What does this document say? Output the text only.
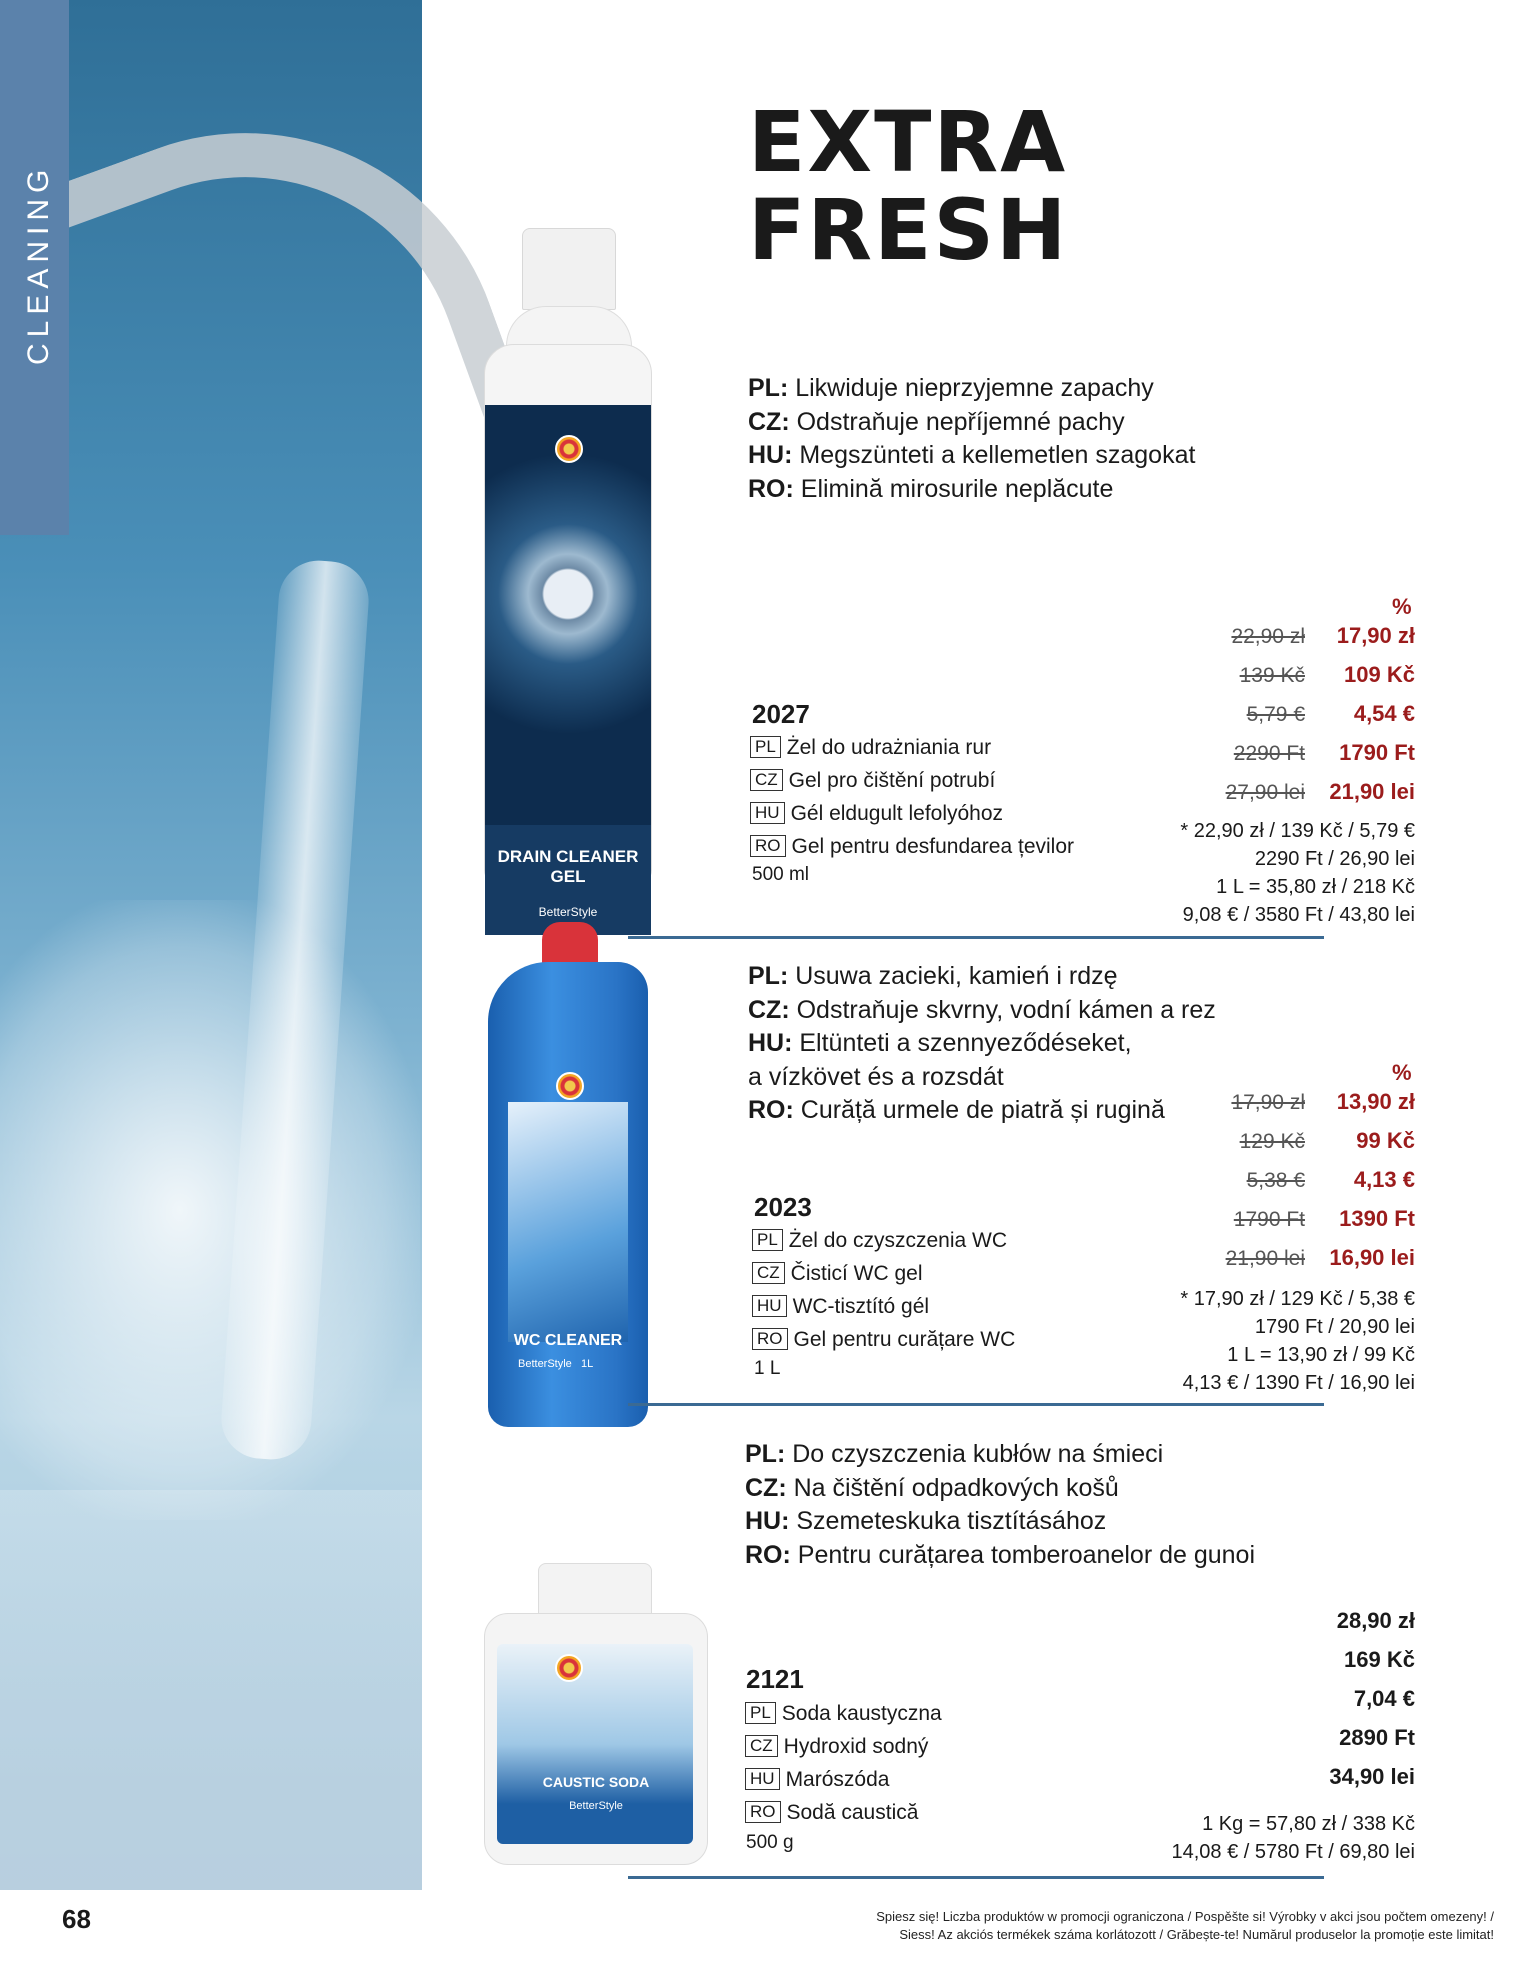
CLEANING
EXTRA
FRESH
DRAIN CLEANER
GEL
BetterStyle
WC CLEANER
BetterStyle   1L
CAUSTIC SODA
BetterStyle
PL: Likwiduje nieprzyjemne zapachy
CZ: Odstraňuje nepříjemné pachy
HU: Megszünteti a kellemetlen szagokat
RO: Elimină mirosurile neplăcute
%
22,90 zł 17,90 zł
139 Kč 109 Kč
5,79 € 4,54 €
2290 Ft 1790 Ft
27,90 lei 21,90 lei
2027
PL Żel do udrażniania rur
CZ Gel pro čištění potrubí
HU Gél eldugult lefolyóhoz
RO Gel pentru desfundarea țevilor
500 ml
* 22,90 zł / 139 Kč / 5,79 €
2290 Ft / 26,90 lei
1 L = 35,80 zł / 218 Kč
9,08 € / 3580 Ft / 43,80 lei
PL: Usuwa zacieki, kamień i rdzę
CZ: Odstraňuje skvrny, vodní kámen a rez
HU: Eltünteti a szennyeződéseket,
a vízkövet és a rozsdát
RO: Curăță urmele de piatră și rugină
%
17,90 zł 13,90 zł
129 Kč 99 Kč
5,38 € 4,13 €
1790 Ft 1390 Ft
21,90 lei 16,90 lei
2023
PL Żel do czyszczenia WC
CZ Čisticí WC gel
HU WC-tisztító gél
RO Gel pentru curățare WC
1 L
* 17,90 zł / 129 Kč / 5,38 €
1790 Ft / 20,90 lei
1 L = 13,90 zł / 99 Kč
4,13 € / 1390 Ft / 16,90 lei
PL: Do czyszczenia kubłów na śmieci
CZ: Na čištění odpadkových košů
HU: Szemeteskuka tisztításához
RO: Pentru curățarea tomberoanelor de gunoi
28,90 zł
169 Kč
7,04 €
2890 Ft
34,90 lei
2121
PL Soda kaustyczna
CZ Hydroxid sodný
HU Marószóda
RO Sodă caustică
500 g
1 Kg = 57,80 zł / 338 Kč
14,08 € / 5780 Ft / 69,80 lei
68	Spiesz się! Liczba produktów w promocji ograniczona / Pospěšte si! Výrobky v akci jsou počtem omezeny! /
Siess! Az akciós termékek száma korlátozott / Grăbește-te! Numărul produselor la promoție este limitat!
